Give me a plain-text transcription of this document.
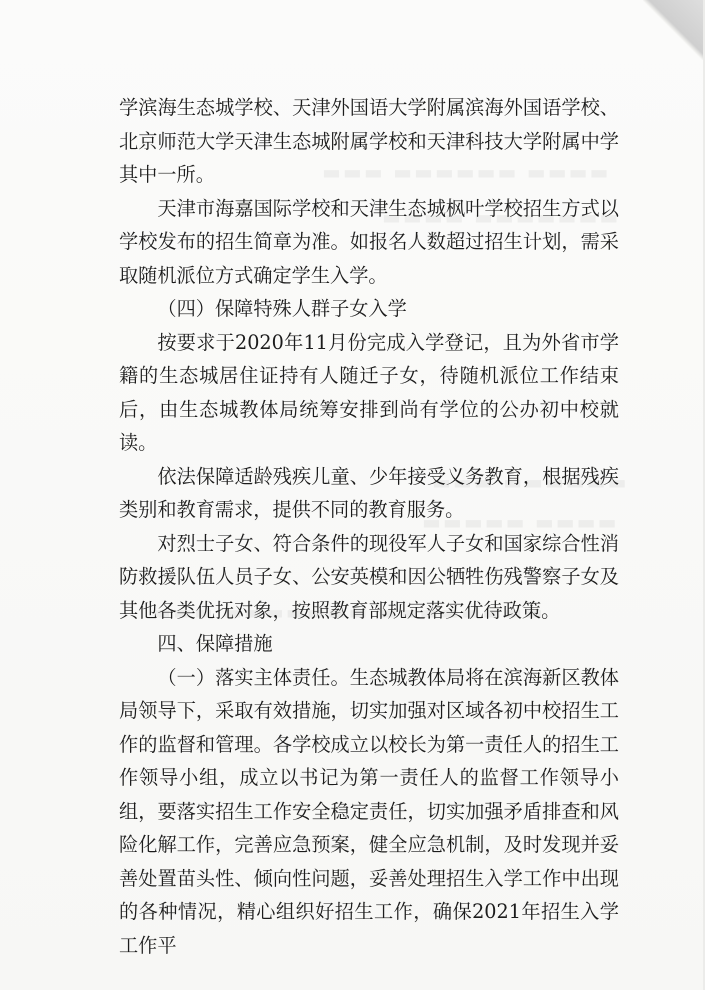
学滨海生态城学校、天津外国语大学附属滨海外国语学校、北京师范大学天津生态城附属学校和天津科技大学附属中学其中一所。

天津市海嘉国际学校和天津生态城枫叶学校招生方式以学校发布的招生简章为准。如报名人数超过招生计划，需采取随机派位方式确定学生入学。

（四）保障特殊人群子女入学

按要求于2020年11月份完成入学登记，且为外省市学籍的生态城居住证持有人随迁子女，待随机派位工作结束后，由生态城教体局统筹安排到尚有学位的公办初中校就读。

依法保障适龄残疾儿童、少年接受义务教育，根据残疾类别和教育需求，提供不同的教育服务。

对烈士子女、符合条件的现役军人子女和国家综合性消防救援队伍人员子女、公安英模和因公牺牲伤残警察子女及其他各类优抚对象，按照教育部规定落实优待政策。

四、保障措施

（一）落实主体责任。生态城教体局将在滨海新区教体局领导下，采取有效措施，切实加强对区域各初中校招生工作的监督和管理。各学校成立以校长为第一责任人的招生工作领导小组，成立以书记为第一责任人的监督工作领导小组，要落实招生工作安全稳定责任，切实加强矛盾排查和风险化解工作，完善应急预案，健全应急机制，及时发现并妥善处置苗头性、倾向性问题，妥善处理招生入学工作中出现的各种情况，精心组织好招生工作，确保2021年招生入学工作平
